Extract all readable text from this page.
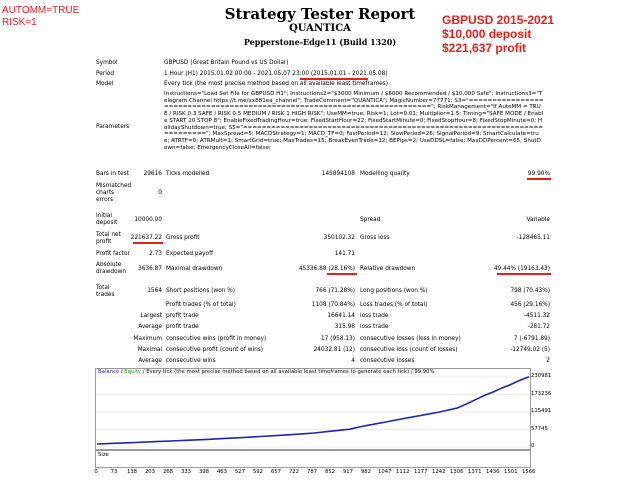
AUTOMM=TRUE
RISK=1	GBPUSD 2015-2021
$10,000 deposit
$221,637 profit
Strategy Tester Report
QUANTICA
Pepperstone-Edge11 (Build 1320)
Symbol	GBPUSD (Great Britain Pound vs US Dollar)
Period	1 Hour (H1) 2015.01.02 00:00 - 2021.05.07 23:00 (2015.01.01 - 2021.05.08)
Model	Every tick (the most precise method based on all available least timeframes)
Parameters
Instructions="Load Set File for GBPUSD H1"; Instructions2="$3000 Minimum / $6000 Recommended / $10,000 Safe"; Instructions3="Telegram Channel https://t.me/xx881ea_channel"; TradeComment="QUANTICA"; MagicNumber=77771; S3="========================================================================="; RiskManagement="If AutoMM = TRUE / RISK 0.3 SAFE / RISK 0.5 MEDIUM / RISK 1 HIGH RISK"; UseMM=true; Risk=1; Lot=0.01; Multiplier=1.5; Timing="SAFE MODE / Enable START 20 STOP 8"; EnableFixedTradingHour=true; FixedStartHour=22; FixedStartMinute=0; FixedStopHour=8; FixedStopMinute=0; HolidayShutdown=true; S5="========================================================================="; MaxSpread=5; MACDStrategy=1; MACD_TF=0; FastPeriod=12; SlowPeriod=26; SignalPeriod=9; SmartCalculate=true; ATRTF=0; ATRMult=1; SmartGrid=true; MaxTrades=15; BreakEvenTrade=12; BEPips=2; UseDDSL=false; MaxDDPercent=65; ShutDown=false; EmergencyCloseAll=false;
Bars in test	29616 Ticks modelled	145894108 Modelling quality	99.90%
Mismatched
charts
errors
0
Initial
deposit	10000.00	Spread	Variable
Total net
profit
221637.22 Gross profit	350102.32 Gross loss	-128465.11
Profit factor	2.73 Expected payoff	141.71
Absolute
drawdown	3636.87 Maximal drawdown	45336.88 (28.16%) Relative drawdown	49.44% (19163.43)
Total
trades
1564 Short positions (won %)	766 (71.28%) Long positions (won %)	798 (70.43%)
Profit trades (% of total)	1108 (70.84%) Loss trades (% of total)	456 (29.16%)
Largest profit trade	16641.14 loss trade	-4511.32
Average profit trade	315.98 loss trade	-281.72
Maximum consecutive wins (profit in money)	17 (958.13) consecutive losses (loss in money)	7 (-6791.89)
Maximal consecutive profit (count of wins)	24032.81 (12) consecutive loss (count of losses)	-12749.02 (5)
Average consecutive wins	4 consecutive losses	2
Balance / Equity / Every tick (the most precise method based on all available least timeframes to generate each tick) / 99.90%
230981
173236
115491
57745
0
Size
0	73	138 203 268 333 398 463 527 592 657 722 787 852 917 982 1047 1112 1177 1242 1306 1371 1436 1501 1566
